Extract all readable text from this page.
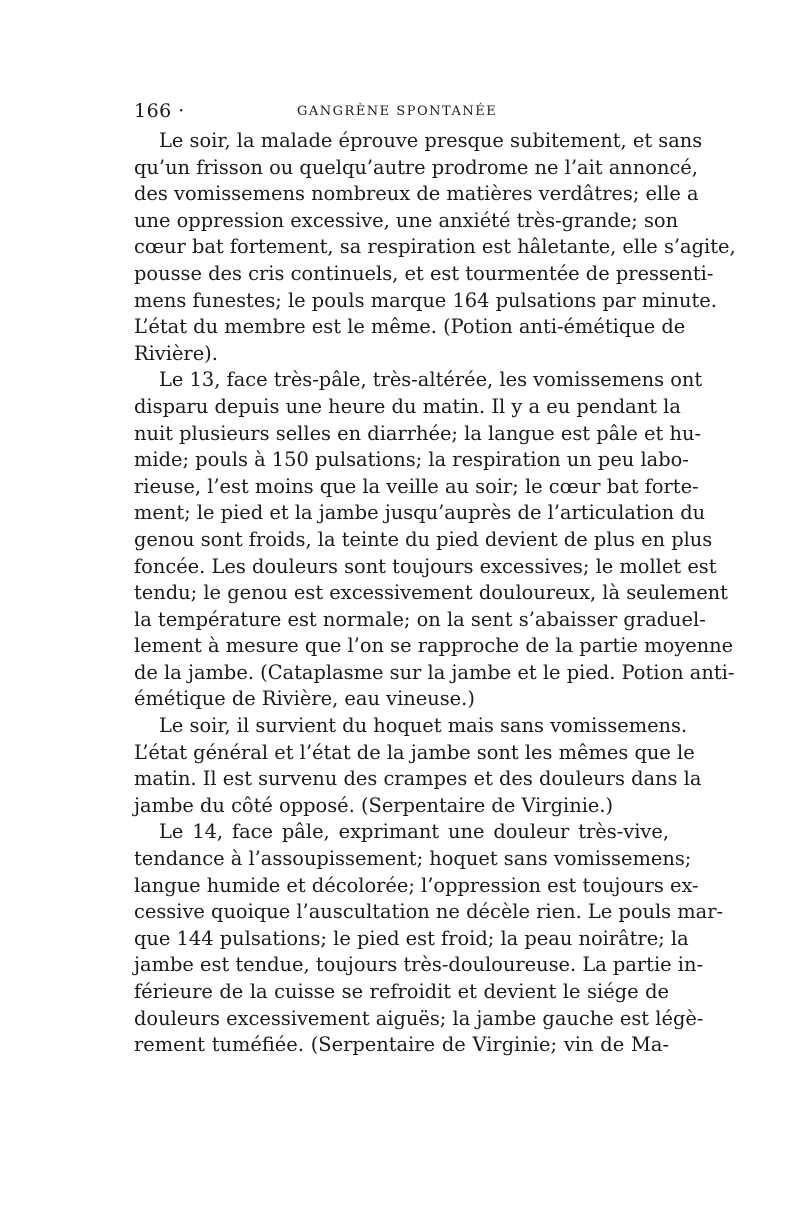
166 ·	GANGRÈNE SPONTANÉE
Le soir, la malade éprouve presque subitement, et sans
qu’un frisson ou quelqu’autre prodrome ne l’ait annoncé,
des vomissemens nombreux de matières verdâtres; elle a
une oppression excessive, une anxiété très-grande; son
cœur bat fortement, sa respiration est hâletante, elle s’agite,
pousse des cris continuels, et est tourmentée de pressenti-
mens funestes; le pouls marque 164 pulsations par minute.
L’état du membre est le même. (Potion anti-émétique de
Rivière).
Le 13, face très-pâle, très-altérée, les vomissemens ont
disparu depuis une heure du matin. Il y a eu pendant la
nuit plusieurs selles en diarrhée; la langue est pâle et hu-
mide; pouls à 150 pulsations; la respiration un peu labo-
rieuse, l’est moins que la veille au soir; le cœur bat forte-
ment; le pied et la jambe jusqu’auprès de l’articulation du
genou sont froids, la teinte du pied devient de plus en plus
foncée. Les douleurs sont toujours excessives; le mollet est
tendu; le genou est excessivement douloureux, là seulement
la température est normale; on la sent s’abaisser graduel-
lement à mesure que l’on se rapproche de la partie moyenne
de la jambe. (Cataplasme sur la jambe et le pied. Potion anti-
émétique de Rivière, eau vineuse.)
Le soir, il survient du hoquet mais sans vomissemens.
L’état général et l’état de la jambe sont les mêmes que le
matin. Il est survenu des crampes et des douleurs dans la
jambe du côté opposé. (Serpentaire de Virginie.)
Le 14, face pâle, exprimant une douleur très-vive,
tendance à l’assoupissement; hoquet sans vomissemens;
langue humide et décolorée; l’oppression est toujours ex-
cessive quoique l’auscultation ne décèle rien. Le pouls mar-
que 144 pulsations; le pied est froid; la peau noirâtre; la
jambe est tendue, toujours très-douloureuse. La partie in-
férieure de la cuisse se refroidit et devient le siége de
douleurs excessivement aiguës; la jambe gauche est légè-
rement tuméfiée. (Serpentaire de Virginie; vin de Ma-
